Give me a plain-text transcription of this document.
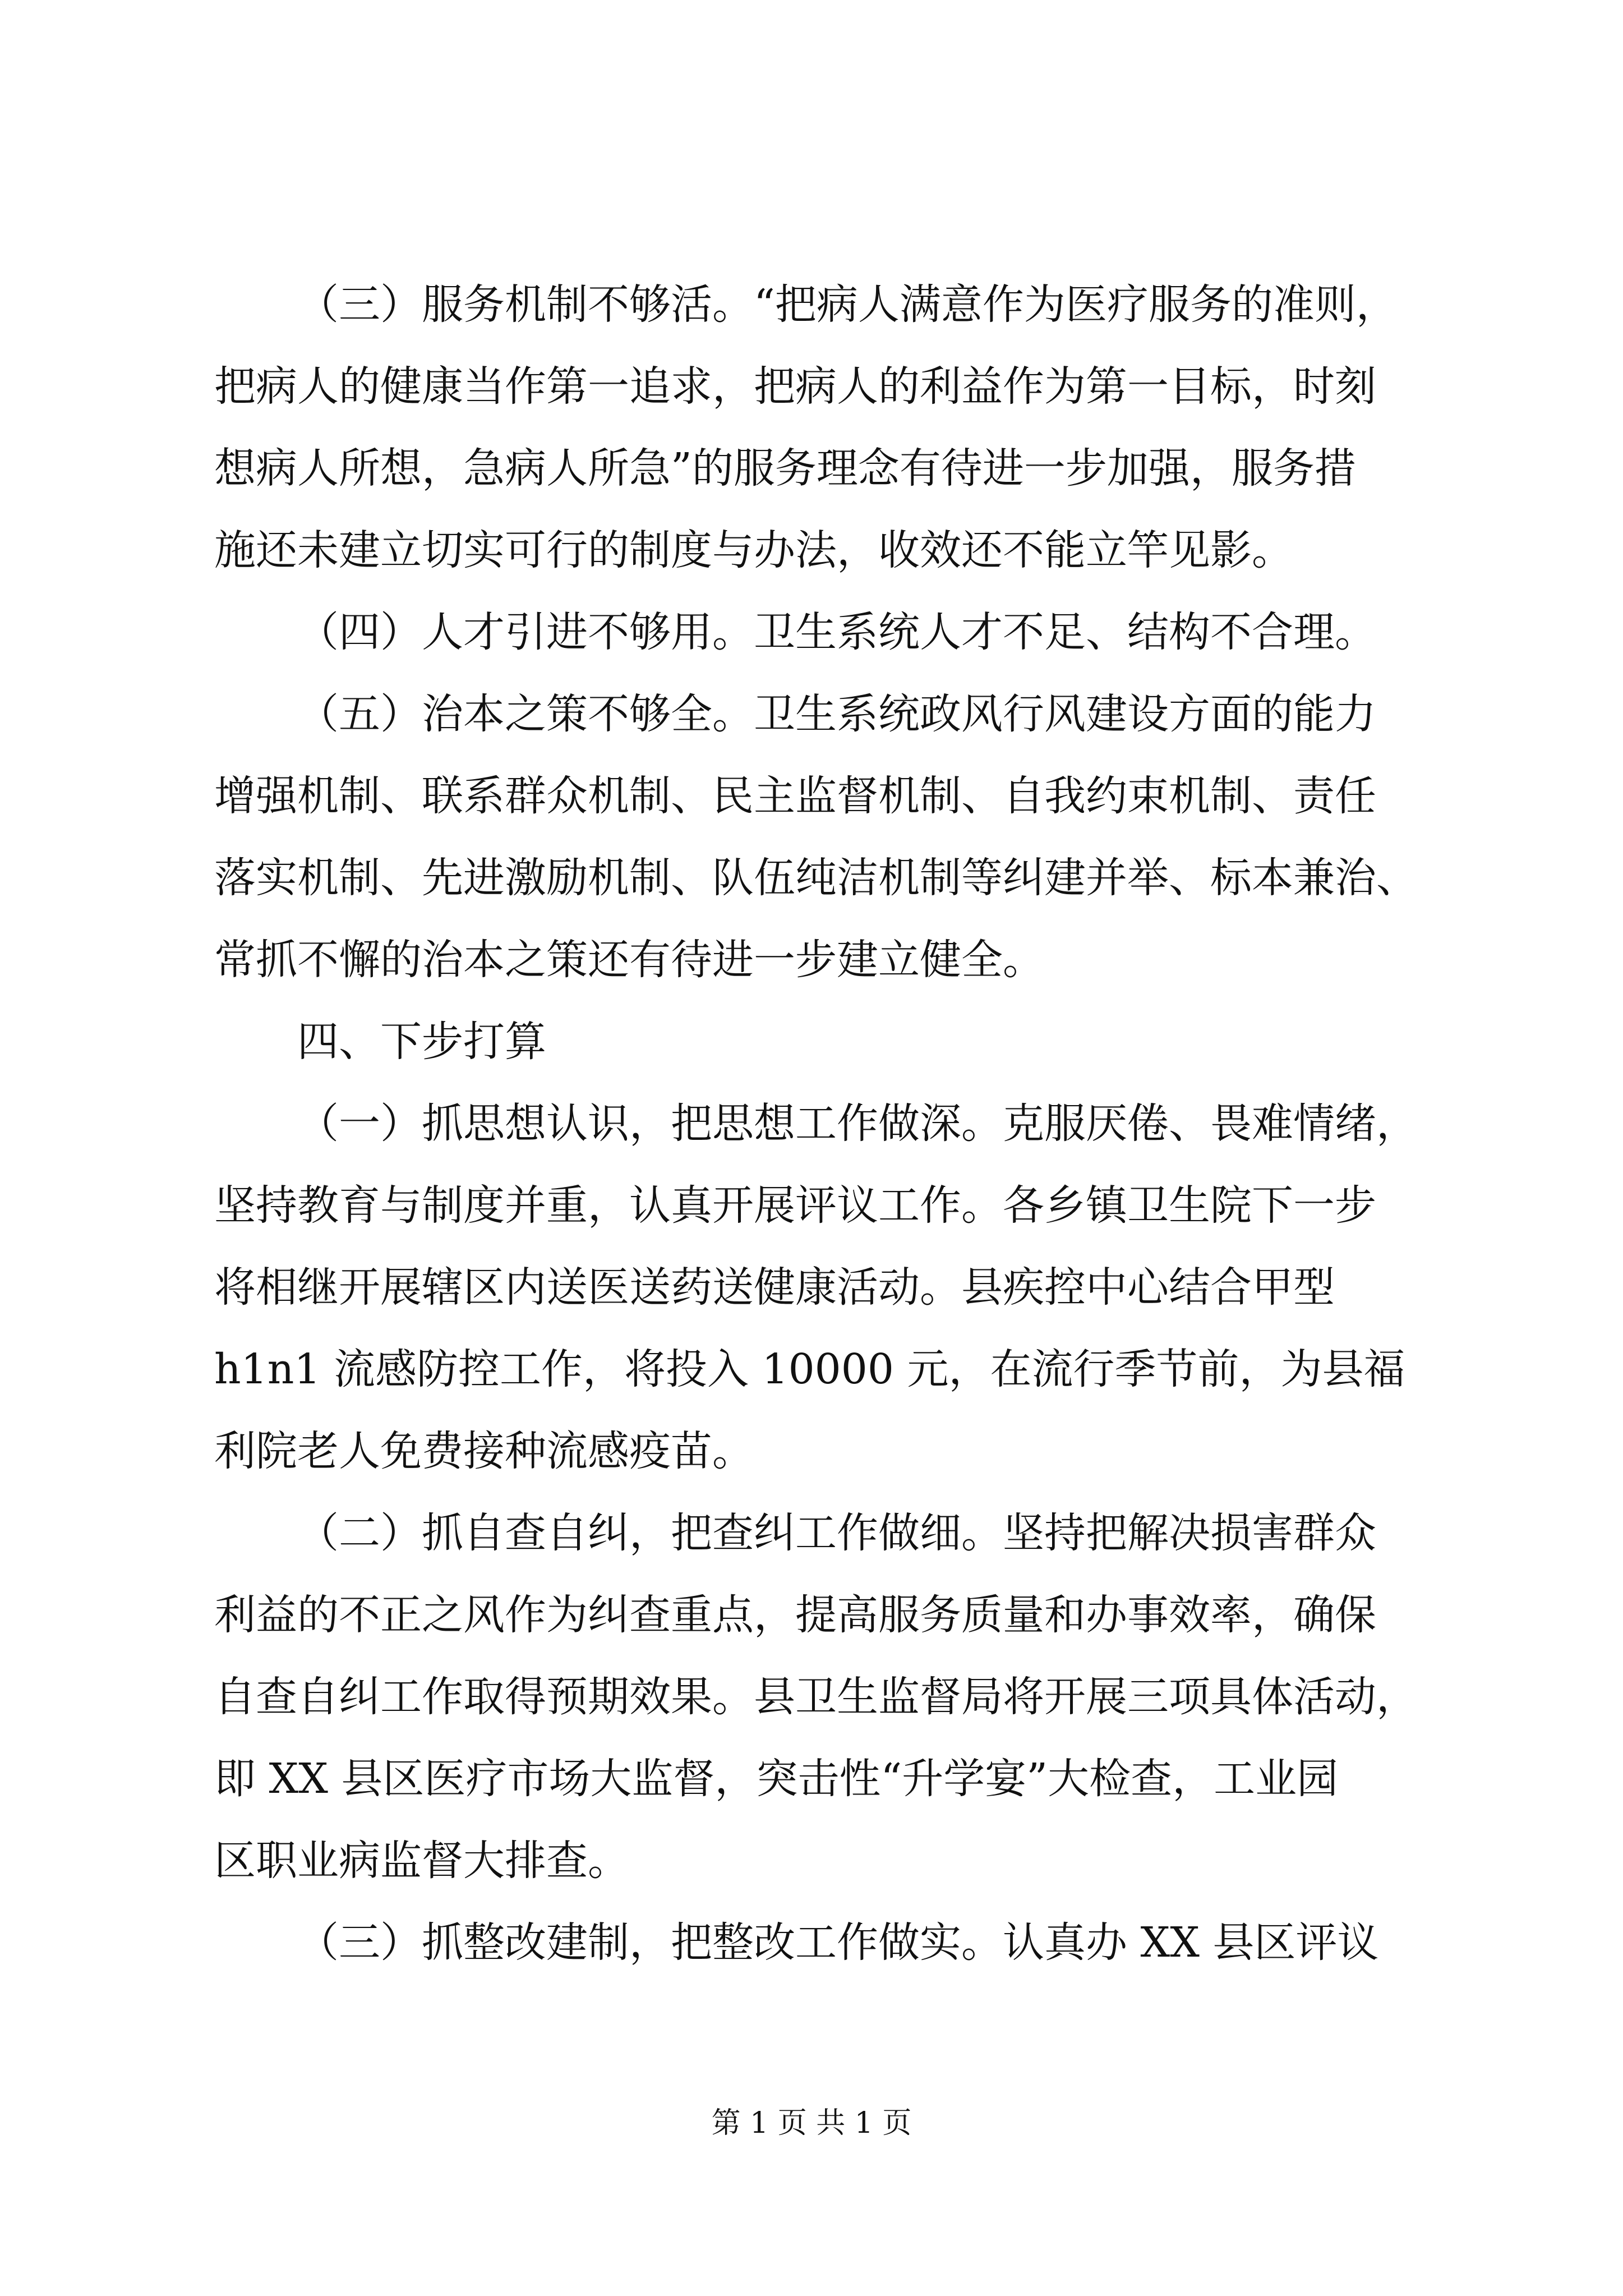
（三）服务机制不够活。“把病人满意作为医疗服务的准则，
把病人的健康当作第一追求，把病人的利益作为第一目标，时刻
想病人所想，急病人所急”的服务理念有待进一步加强，服务措
施还未建立切实可行的制度与办法，收效还不能立竿见影。
（四）人才引进不够用。卫生系统人才不足、结构不合理。
（五）治本之策不够全。卫生系统政风行风建设方面的能力
增强机制、联系群众机制、民主监督机制、自我约束机制、责任
落实机制、先进激励机制、队伍纯洁机制等纠建并举、标本兼治、
常抓不懈的治本之策还有待进一步建立健全。
四、下步打算
（一）抓思想认识，把思想工作做深。克服厌倦、畏难情绪，
坚持教育与制度并重，认真开展评议工作。各乡镇卫生院下一步
将相继开展辖区内送医送药送健康活动。县疾控中心结合甲型
h1n1 流感防控工作，将投入 10000 元，在流行季节前，为县福
利院老人免费接种流感疫苗。
（二）抓自查自纠，把查纠工作做细。坚持把解决损害群众
利益的不正之风作为纠查重点，提高服务质量和办事效率，确保
自查自纠工作取得预期效果。县卫生监督局将开展三项具体活动，
即 XX 县区医疗市场大监督，突击性“升学宴”大检查，工业园
区职业病监督大排查。
（三）抓整改建制，把整改工作做实。认真办 XX 县区评议
第 1 页 共 1 页
